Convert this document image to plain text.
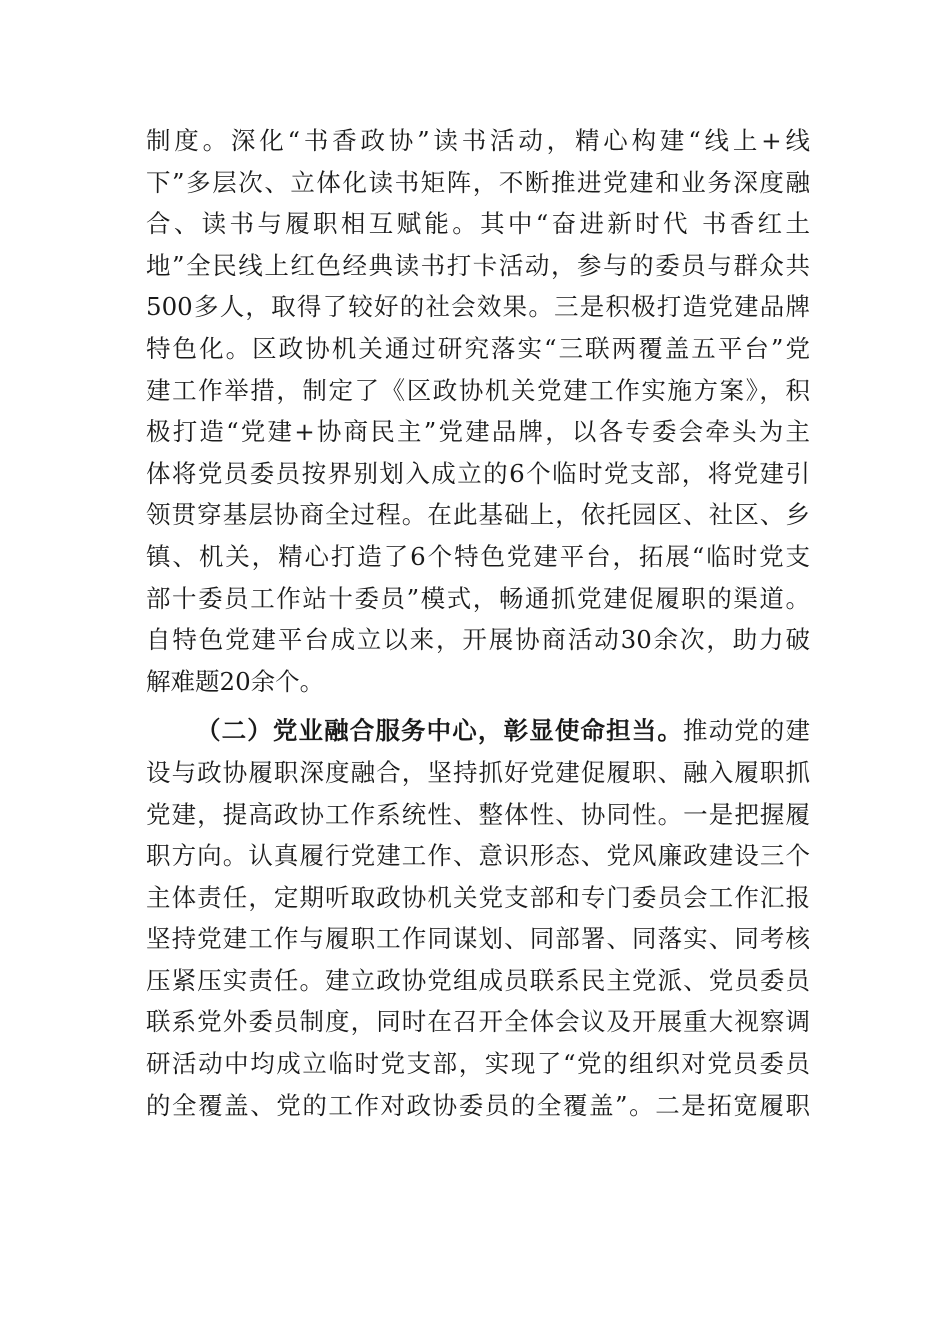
制度。深化“书香政协”读书活动，精心构建“线上+线
下”多层次、立体化读书矩阵，不断推进党建和业务深度融
合、读书与履职相互赋能。其中“奋进新时代 书香红土
地”全民线上红色经典读书打卡活动，参与的委员与群众共
500多人，取得了较好的社会效果。三是积极打造党建品牌
特色化。区政协机关通过研究落实“三联两覆盖五平台”党
建工作举措，制定了《区政协机关党建工作实施方案》，积
极打造“党建+协商民主”党建品牌，以各专委会牵头为主
体将党员委员按界别划入成立的6个临时党支部，将党建引
领贯穿基层协商全过程。在此基础上，依托园区、社区、乡
镇、机关，精心打造了6个特色党建平台，拓展“临时党支
部十委员工作站十委员”模式，畅通抓党建促履职的渠道。
自特色党建平台成立以来，开展协商活动30余次，助力破
解难题20余个。
（二）党业融合服务中心，彰显使命担当。推动党的建
设与政协履职深度融合，坚持抓好党建促履职、融入履职抓
党建，提高政协工作系统性、整体性、协同性。一是把握履
职方向。认真履行党建工作、意识形态、党风廉政建设三个
主体责任，定期听取政协机关党支部和专门委员会工作汇报
坚持党建工作与履职工作同谋划、同部署、同落实、同考核
压紧压实责任。建立政协党组成员联系民主党派、党员委员
联系党外委员制度，同时在召开全体会议及开展重大视察调
研活动中均成立临时党支部，实现了“党的组织对党员委员
的全覆盖、党的工作对政协委员的全覆盖”。二是拓宽履职
